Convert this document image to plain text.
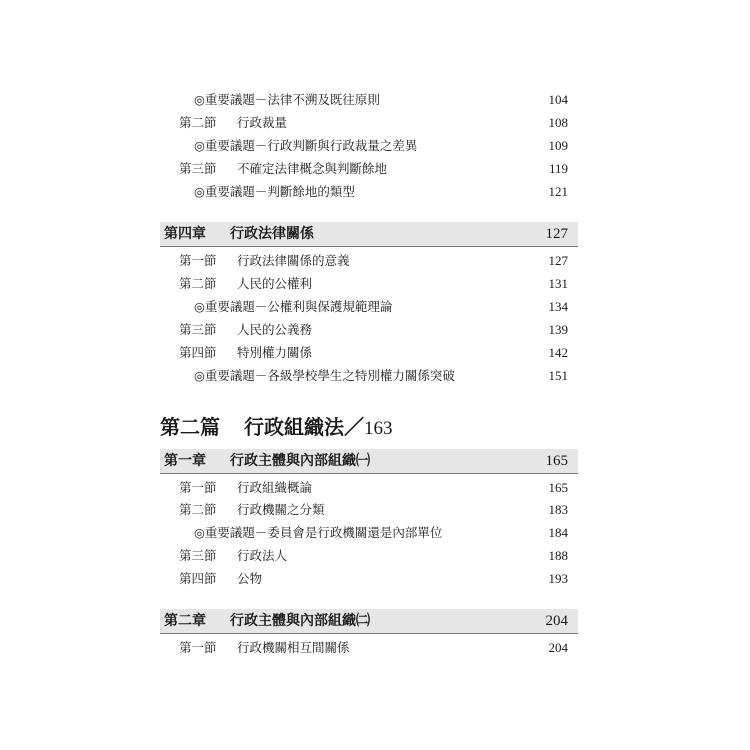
◎重要議題－法律不溯及既往原則	104
第二節 行政裁量	108
◎重要議題－行政判斷與行政裁量之差異	109
第三節 不確定法律概念與判斷餘地	119
◎重要議題－判斷餘地的類型	121
第四章 行政法律關係	127
第一節 行政法律關係的意義	127
第二節 人民的公權利	131
◎重要議題－公權利與保護規範理論	134
第三節 人民的公義務	139
第四節 特別權力關係	142
◎重要議題－各級學校學生之特別權力關係突破	151
第二篇 行政組織法／163
第一章 行政主體與內部組織㈠	165
第一節 行政組織概論	165
第二節 行政機關之分類	183
◎重要議題－委員會是行政機關還是內部單位	184
第三節 行政法人	188
第四節 公物	193
第二章 行政主體與內部組織㈡	204
第一節 行政機關相互間關係	204
